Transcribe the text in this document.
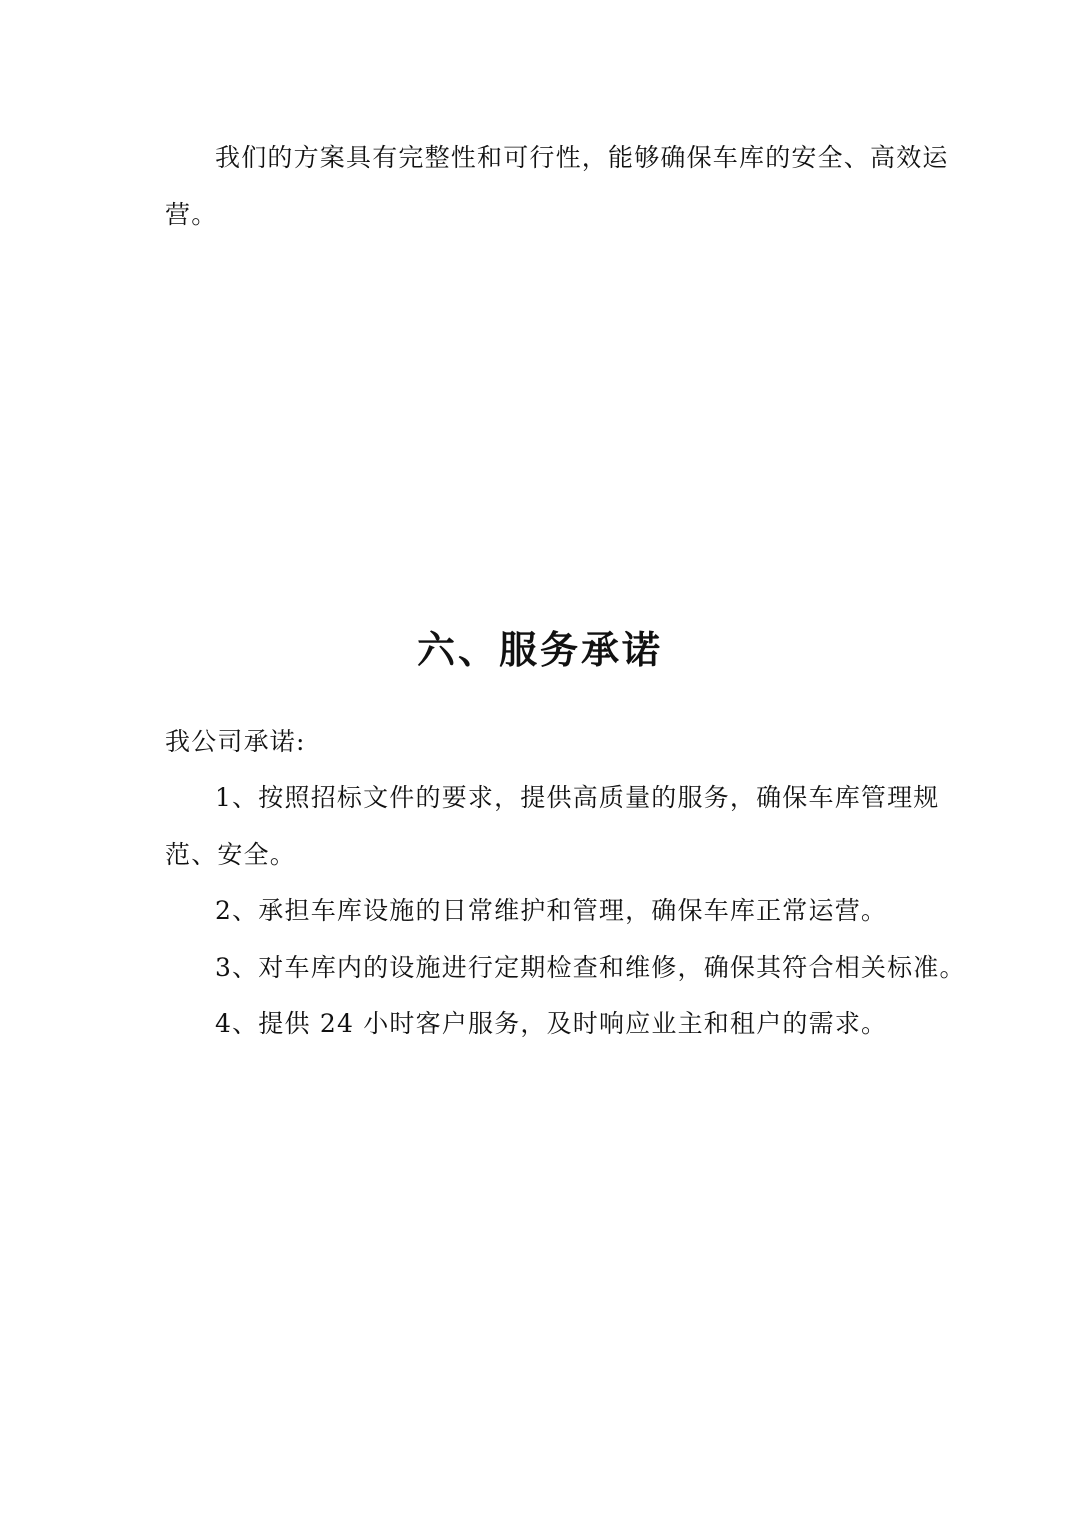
我们的方案具有完整性和可行性，能够确保车库的安全、高效运

营。

六、服务承诺

我公司承诺:

1、按照招标文件的要求，提供高质量的服务，确保车库管理规

范、安全。

2、承担车库设施的日常维护和管理，确保车库正常运营。

3、对车库内的设施进行定期检查和维修，确保其符合相关标准。

4、提供 24 小时客户服务，及时响应业主和租户的需求。
